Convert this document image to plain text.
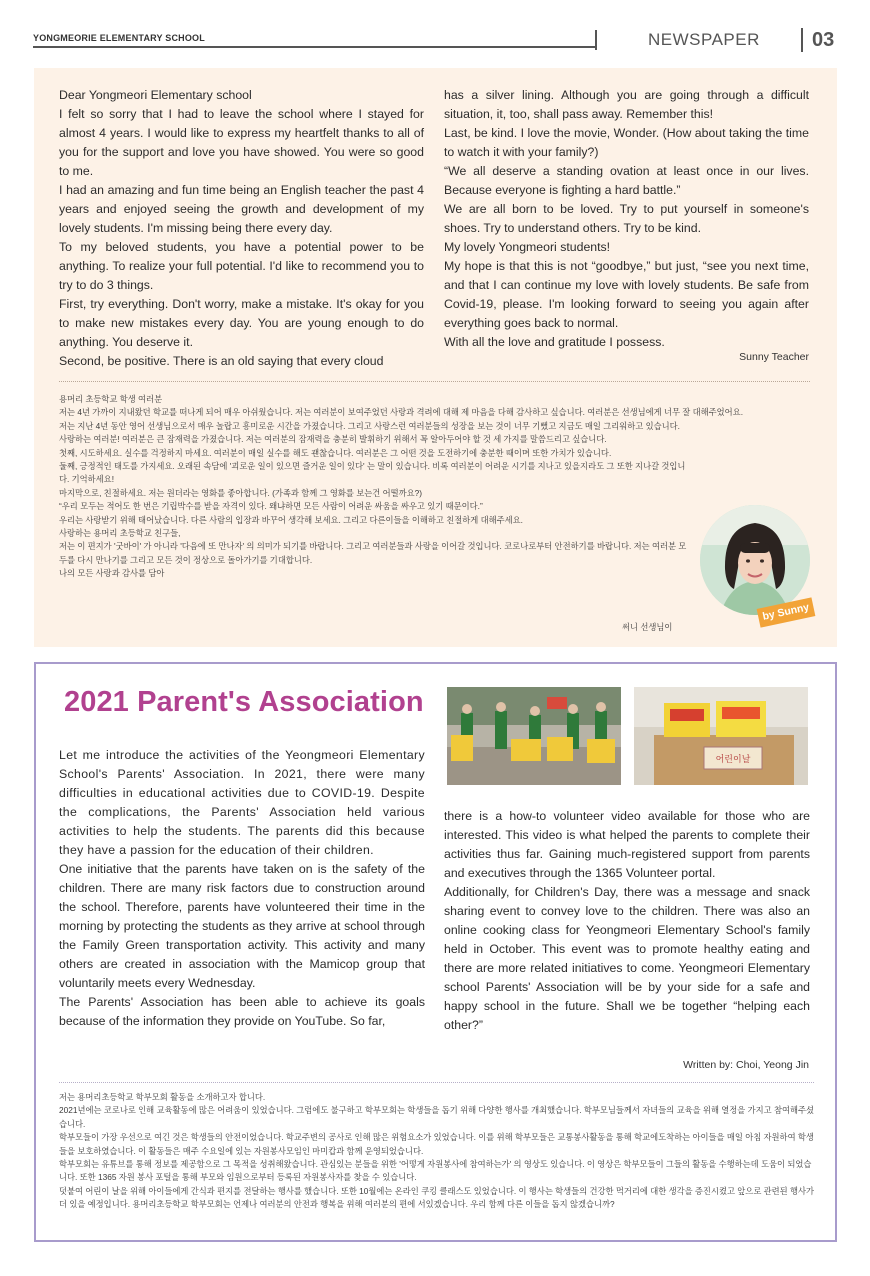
YONGMEORIE ELEMENTARY SCHOOL	NEWSPAPER	03

Dear Yongmeori Elementary school

I felt so sorry that I had to leave the school where I stayed for almost 4 years. I would like to express my heartfelt thanks to all of you for the support and love you have showed. You were so good to me.

I had an amazing and fun time being an English teacher the past 4 years and enjoyed seeing the growth and development of my lovely students. I'm missing being there every day.

To my beloved students, you have a potential power to be anything. To realize your full potential. I'd like to recommend you to try to do 3 things.

First, try everything. Don't worry, make a mistake. It's okay for you to make new mistakes every day. You are young enough to do anything. You deserve it.

Second, be positive. There is an old saying that every cloud

has a silver lining. Although you are going through a difficult situation, it, too, shall pass away. Remember this!

Last, be kind. I love the movie, Wonder. (How about taking the time to watch it with your family?)

“We all deserve a standing ovation at least once in our lives. Because everyone is fighting a hard battle.”

We are all born to be loved. Try to put yourself in someone's shoes. Try to understand others. Try to be kind.

My lovely Yongmeori students!

My hope is that this is not “goodbye,” but just, “see you next time, and that I can continue my love with lovely students. Be safe from Covid-19, please. I'm looking forward to seeing you again after everything goes back to normal.

With all the love and gratitude I possess.

Sunny Teacher

용머리 초등학교 학생 여러분

저는 4년 가까이 지내왔던 학교를 떠나게 되어 매우 아쉬웠습니다. 저는 여러분이 보여주었던 사랑과 격려에 대해 제 마음을 다해 감사하고 싶습니다. 여러분은 선생님에게 너무 잘 대해주었어요.

저는 지난 4년 동안 영어 선생님으로서 매우 놀랍고 흥미로운 시간을 가졌습니다. 그리고 사랑스런 여러분들의 성장을 보는 것이 너무 기뻤고 지금도 매일 그리워하고 있습니다.

사랑하는 여러분! 여러분은 큰 잠재력을 가졌습니다. 저는 여러분의 잠재력을 충분히 발휘하기 위해서 꼭 알아두어야 할 것 세 가지를 말씀드리고 싶습니다.

첫째, 시도하세요. 실수를 걱정하지 마세요. 여러분이 매일 실수를 해도 괜찮습니다. 여러분은 그 어떤 것을 도전하기에 충분한 때이며 또한 가치가 있습니다.

둘째, 긍정적인 태도를 가지세요. 오래된 속담에 '괴로운 일이 있으면 즐거운 일이 있다' 는 말이 있습니다. 비록 여러분이 어려운 시기를 지나고 있을지라도 그 또한 지나갈 것입니다. 기억하세요!

마지막으로, 친절하세요. 저는 원더라는 영화를 좋아합니다. (가족과 함께 그 영화를 보는건 어떨까요?)

“우리 모두는 적어도 한 번은 기립박수를 받을 자격이 있다. 왜냐하면 모든 사람이 어려운 싸움을 싸우고 있기 때문이다.”

우리는 사랑받기 위해 태어났습니다. 다른 사람의 입장과 바꾸어 생각해 보세요. 그리고 다른이들을 이해하고 친절하게 대해주세요.

사랑하는 용머리 초등학교 친구들,

저는 이 편지가 '굿바이' 가 아니라 '다음에 또 만나자' 의 의미가 되기를 바랍니다. 그리고 여러분들과 사랑을 이어갈 것입니다. 코로나로부터 안전하기를 바랍니다. 저는 여러분 모두를 다시 만나기를 그리고 모든 것이 정상으로 돌아가기를 기대합니다.

나의 모든 사랑과 감사를 담아

써니 선생님이
by Sunny
2021 Parent's Association
어린이날

Let me introduce the activities of the Yeongmeori Elementary School's Parents' Association. In 2021, there were many difficulties in educational activities due to COVID-19. Despite the complications, the Parents' Association held various activities to help the students. The parents did this because they have a passion for the education of their children.

One initiative that the parents have taken on is the safety of the children. There are many risk factors due to construction around the school. Therefore, parents have volunteered their time in the morning by protecting the students as they arrive at school through the Family Green transportation activity. This activity and many others are created in association with the Mamicop group that voluntarily meets every Wednesday.

The Parents' Association has been able to achieve its goals because of the information they provide on YouTube. So far,

there is a how-to volunteer video available for those who are interested. This video is what helped the parents to complete their activities thus far. Gaining much-registered support from parents and executives through the 1365 Volunteer portal.

Additionally, for Children's Day, there was a message and snack sharing event to convey love to the children. There was also an online cooking class for Yeongmeori Elementary School's family held in October. This event was to promote healthy eating and there are more related initiatives to come. Yeongmeori Elementary school Parents' Association will be by your side for a safe and happy school in the future. Shall we be together “helping each other?”

Written by: Choi, Yeong Jin

저는 용머리초등학교 학부모회 활동을 소개하고자 합니다.

2021년에는 코로나로 인해 교육활동에 많은 어려움이 있었습니다. 그럼에도 불구하고 학부모회는 학생들을 돕기 위해 다양한 행사를 개최했습니다. 학부모님들께서 자녀들의 교육을 위해 열정을 가지고 참여해주셨습니다.

학부모들이 가장 우선으로 여긴 것은 학생들의 안전이었습니다. 학교주변의 공사로 인해 많은 위험요소가 있었습니다. 이를 위해 학부모들은 교통봉사활동을 통해 학교에도착하는 아이들을 매일 아침 자원하여 학생들을 보호하였습니다. 이 활동들은 매주 수요일에 있는 자원봉사모임인 마미캅과 함께 운영되었습니다.

학부모회는 유튜브를 통해 정보를 제공함으로 그 목적을 성취해왔습니다. 관심있는 분들을 위한 '어떻게 자원봉사에 참여하는가' 의 영상도 있습니다. 이 영상은 학부모들이 그들의 활동을 수행하는데 도움이 되었습니다. 또한 1365 자원 봉사 포털을 통해 부모와 임원으로부터 등록된 자원봉사자를 찾을 수 있습니다.

덧붙여 어린이 날을 위해 아이들에게 간식과 편지를 전달하는 행사를 했습니다. 또한 10월에는 온라인 쿠킹 클래스도 있었습니다. 이 행사는 학생들의 건강한 먹거리에 대한 생각을 증진시켰고 앞으로 관련된 행사가 더 있을 예정입니다. 용머리초등학교 학부모회는 언제나 여러분의 안전과 행복을 위해 여러분의 편에 서있겠습니다. 우리 함께 다른 이들을 돕지 않겠습니까?
